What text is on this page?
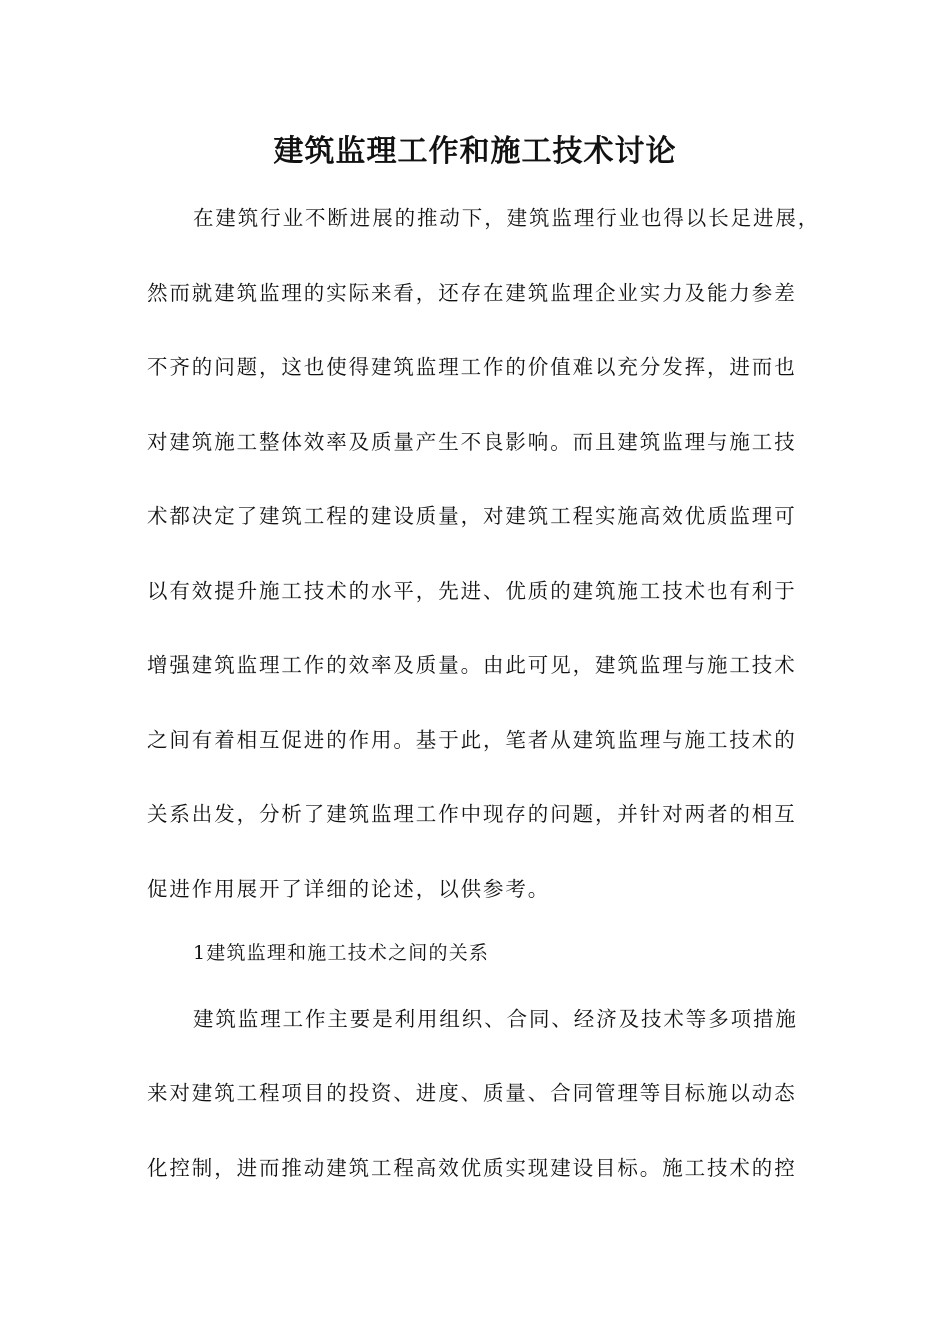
建筑监理工作和施工技术讨论

在建筑行业不断进展的推动下，建筑监理行业也得以长足进展，

然而就建筑监理的实际来看，还存在建筑监理企业实力及能力参差

不齐的问题，这也使得建筑监理工作的价值难以充分发挥，进而也

对建筑施工整体效率及质量产生不良影响。而且建筑监理与施工技

术都决定了建筑工程的建设质量，对建筑工程实施高效优质监理可

以有效提升施工技术的水平，先进、优质的建筑施工技术也有利于

增强建筑监理工作的效率及质量。由此可见，建筑监理与施工技术

之间有着相互促进的作用。基于此，笔者从建筑监理与施工技术的

关系出发，分析了建筑监理工作中现存的问题，并针对两者的相互

促进作用展开了详细的论述，以供参考。

1建筑监理和施工技术之间的关系

建筑监理工作主要是利用组织、合同、经济及技术等多项措施

来对建筑工程项目的投资、进度、质量、合同管理等目标施以动态

化控制，进而推动建筑工程高效优质实现建设目标。施工技术的控
